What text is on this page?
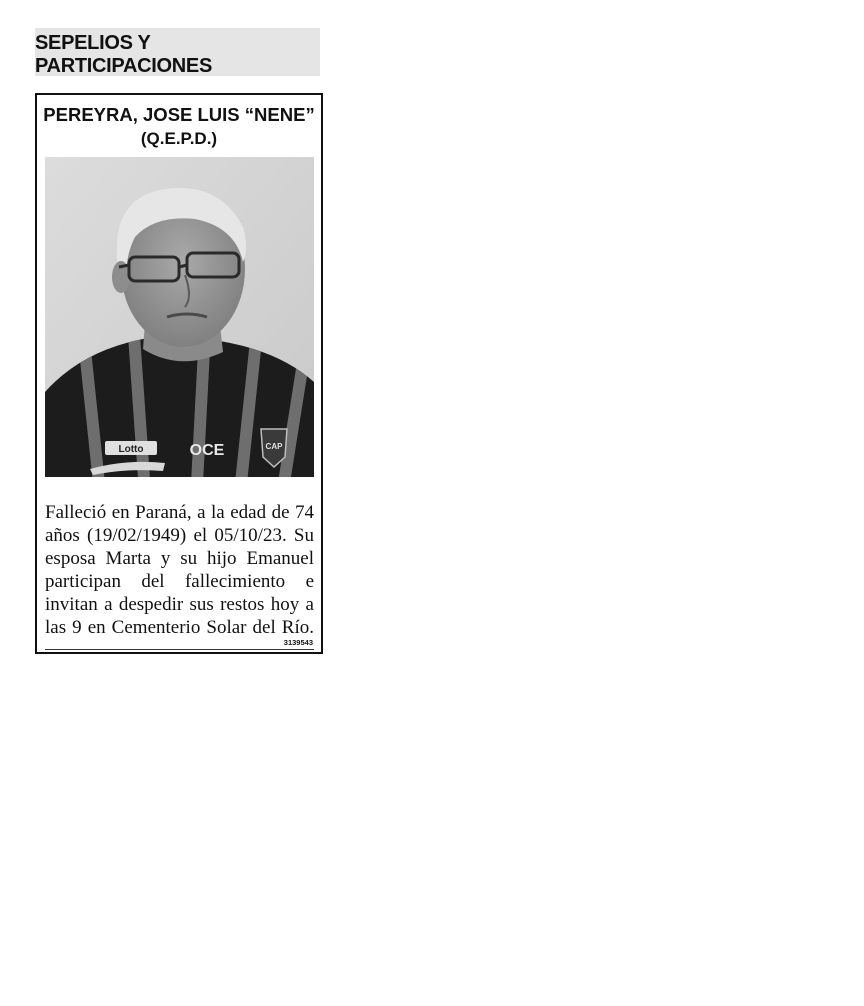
SEPELIOS Y
PARTICIPACIONES
PEREYRA, JOSE LUIS “NENE”
(Q.E.P.D.)
Lotto	OCE	CAP

Falleció en Paraná, a la edad de 74 años (19/02/1949) el 05/10/23. Su esposa Marta y su hijo Emanuel participan del fallecimiento e invitan a despedir sus restos hoy a las 9 en Cementerio Solar del Río.

3139543
